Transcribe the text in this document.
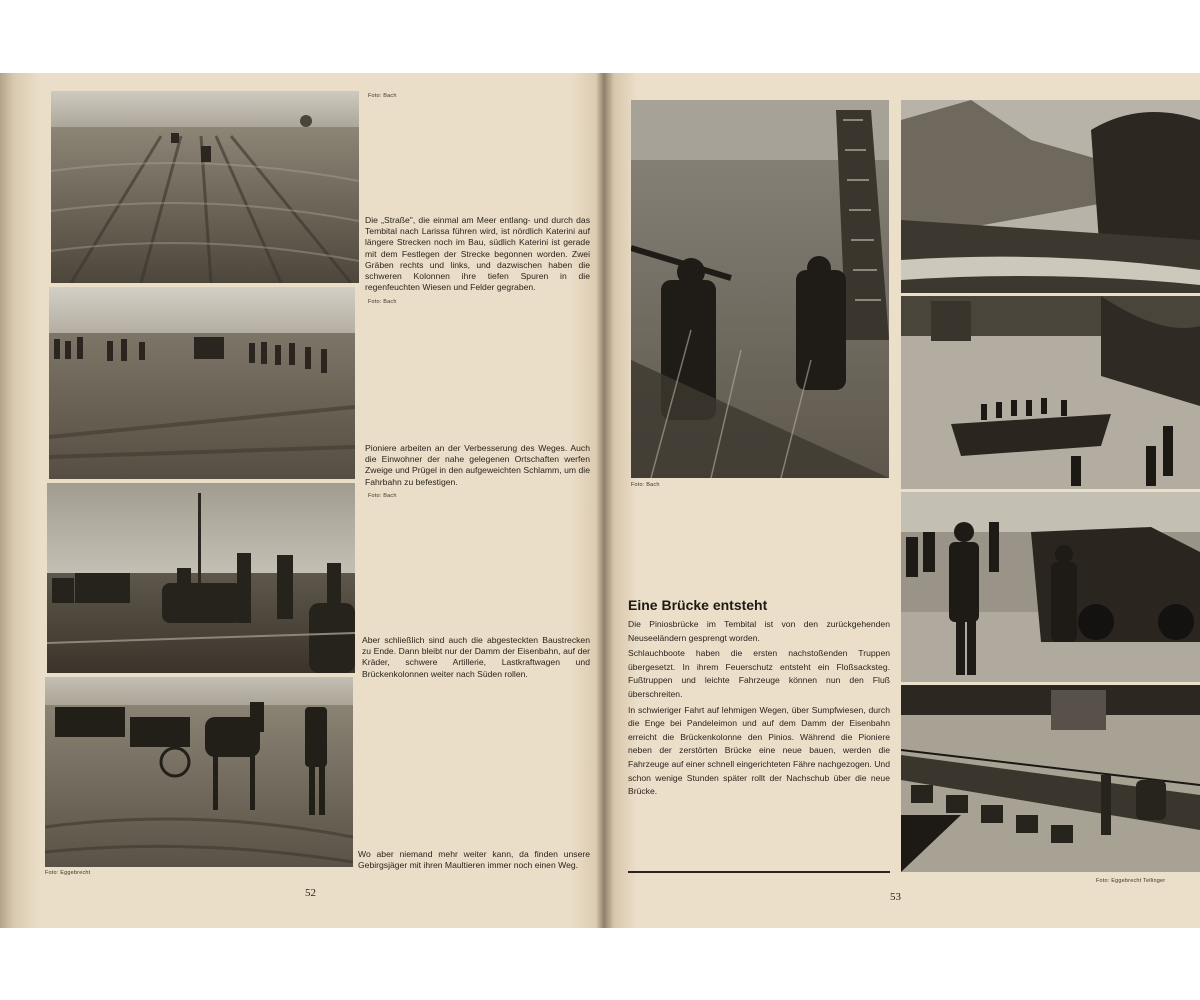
Foto: Bach
Die „Straße", die einmal am Meer entlang- und durch das Tembital nach Larissa führen wird, ist nördlich Katerini auf längere Strecken noch im Bau, südlich Katerini ist gerade mit dem Festlegen der Strecke begonnen worden. Zwei Gräben rechts und links, und dazwischen haben die schweren Kolonnen ihre tiefen Spuren in die regenfeuchten Wiesen und Felder gegraben.
Foto: Bach
Pioniere arbeiten an der Verbesserung des Weges. Auch die Einwohner der nahe gelegenen Ortschaften werfen Zweige und Prügel in den aufgeweichten Schlamm, um die Fahrbahn zu befestigen.
Foto: Bach
Aber schließlich sind auch die abgesteckten Baustrecken zu Ende. Dann bleibt nur der Damm der Eisenbahn, auf der Kräder, schwere Artillerie, Lastkraftwagen und Brückenkolonnen weiter nach Süden rollen.
Foto: Eggebrecht
Wo aber niemand mehr weiter kann, da finden unsere Gebirgsjäger mit ihren Maultieren immer noch einen Weg.
52
Foto: Bach
Foto: Eggebrecht Tellinger
Eine Brücke entsteht

Die Piniosbrücke im Tembital ist von den zurückgehenden Neuseeländern gesprengt worden.

Schlauchboote haben die ersten nachstoßenden Truppen übergesetzt. In ihrem Feuerschutz entsteht ein Floßsacksteg. Fußtruppen und leichte Fahrzeuge können nun den Fluß überschreiten.

In schwieriger Fahrt auf lehmigen Wegen, über Sumpfwiesen, durch die Enge bei Pandeleimon und auf dem Damm der Eisenbahn erreicht die Brückenkolonne den Pinios. Während die Pioniere neben der zerstörten Brücke eine neue bauen, werden die Fahrzeuge auf einer schnell eingerichteten Fähre nachgezogen. Und schon wenige Stunden später rollt der Nachschub über die neue Brücke.

53
